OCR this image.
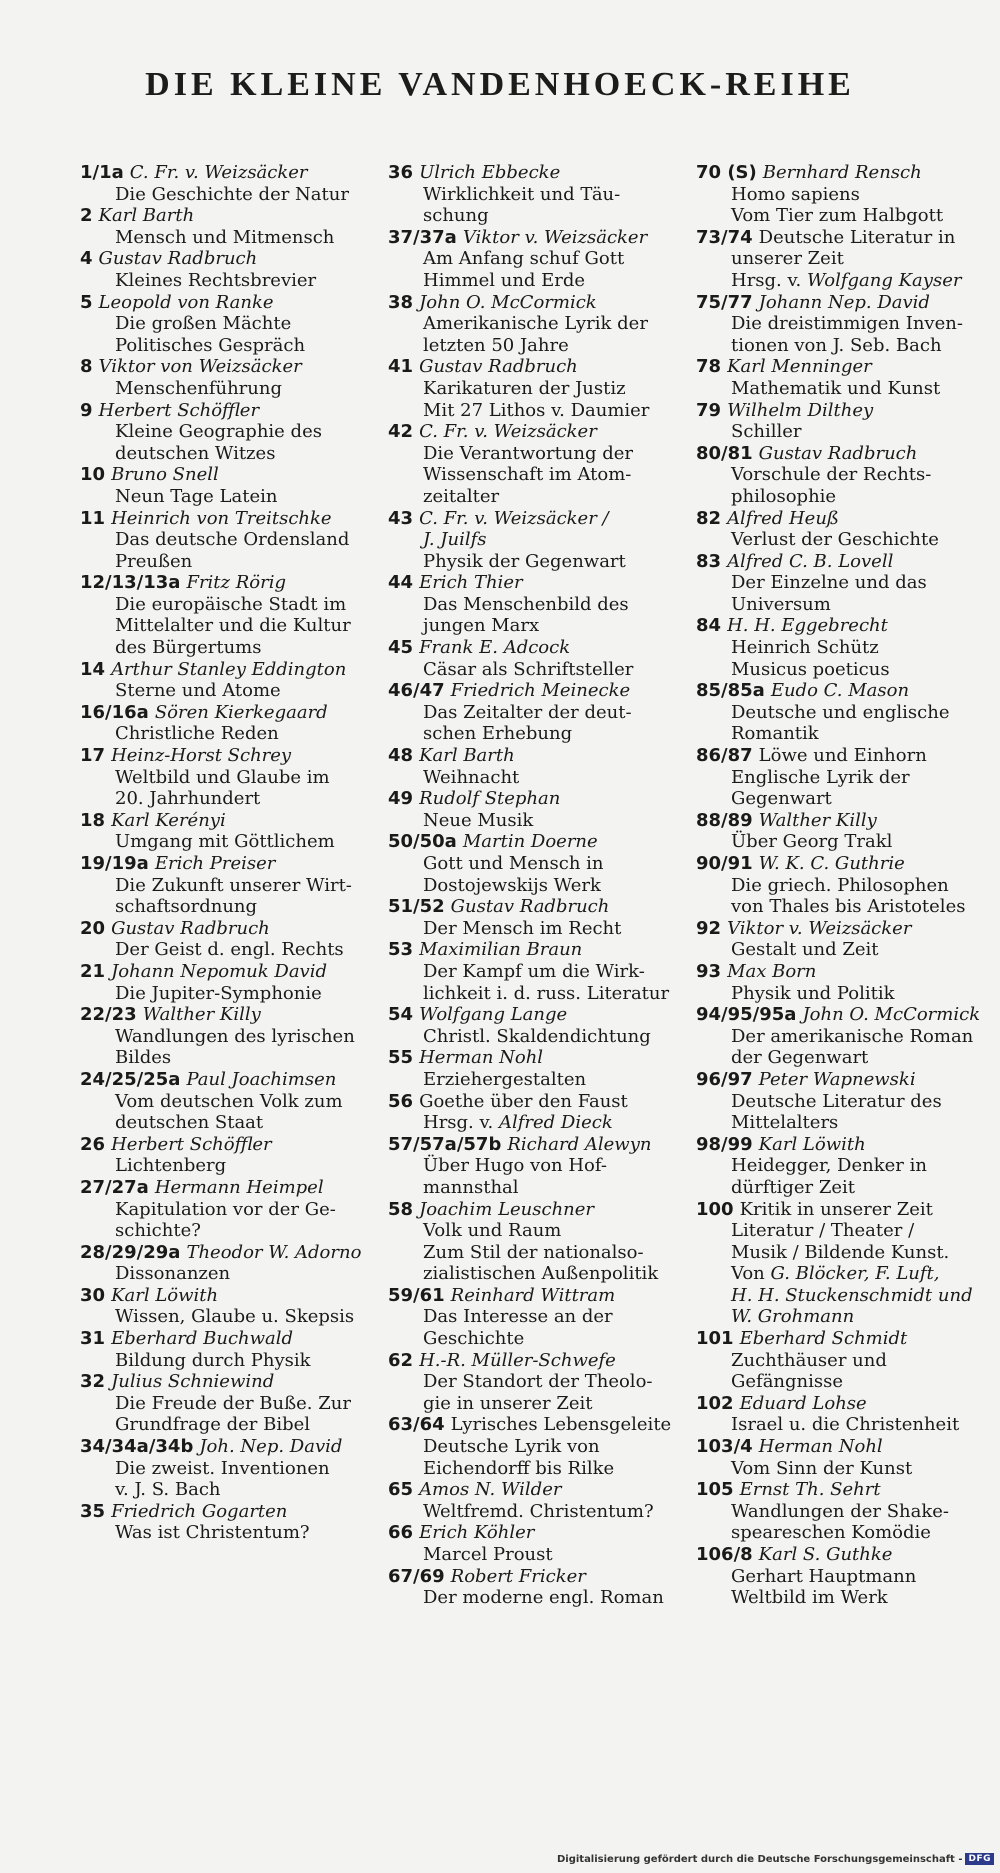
DIE KLEINE VANDENHOECK-REIHE
1/1a C. Fr. v. Weizsäcker
Die Geschichte der Natur
2 Karl Barth
Mensch und Mitmensch
4 Gustav Radbruch
Kleines Rechtsbrevier
5 Leopold von Ranke
Die großen Mächte
Politisches Gespräch
8 Viktor von Weizsäcker
Menschenführung
9 Herbert Schöffler
Kleine Geographie des
deutschen Witzes
10 Bruno Snell
Neun Tage Latein
11 Heinrich von Treitschke
Das deutsche Ordensland
Preußen
12/13/13a Fritz Rörig
Die europäische Stadt im
Mittelalter und die Kultur
des Bürgertums
14 Arthur Stanley Eddington
Sterne und Atome
16/16a Sören Kierkegaard
Christliche Reden
17 Heinz-Horst Schrey
Weltbild und Glaube im
20. Jahrhundert
18 Karl Kerényi
Umgang mit Göttlichem
19/19a Erich Preiser
Die Zukunft unserer Wirt-
schaftsordnung
20 Gustav Radbruch
Der Geist d. engl. Rechts
21 Johann Nepomuk David
Die Jupiter-Symphonie
22/23 Walther Killy
Wandlungen des lyrischen
Bildes
24/25/25a Paul Joachimsen
Vom deutschen Volk zum
deutschen Staat
26 Herbert Schöffler
Lichtenberg
27/27a Hermann Heimpel
Kapitulation vor der Ge-
schichte?
28/29/29a Theodor W. Adorno
Dissonanzen
30 Karl Löwith
Wissen, Glaube u. Skepsis
31 Eberhard Buchwald
Bildung durch Physik
32 Julius Schniewind
Die Freude der Buße. Zur
Grundfrage der Bibel
34/34a/34b Joh. Nep. David
Die zweist. Inventionen
v. J. S. Bach
35 Friedrich Gogarten
Was ist Christentum?
36 Ulrich Ebbecke
Wirklichkeit und Täu-
schung
37/37a Viktor v. Weizsäcker
Am Anfang schuf Gott
Himmel und Erde
38 John O. McCormick
Amerikanische Lyrik der
letzten 50 Jahre
41 Gustav Radbruch
Karikaturen der Justiz
Mit 27 Lithos v. Daumier
42 C. Fr. v. Weizsäcker
Die Verantwortung der
Wissenschaft im Atom-
zeitalter
43 C. Fr. v. Weizsäcker /
J. Juilfs
Physik der Gegenwart
44 Erich Thier
Das Menschenbild des
jungen Marx
45 Frank E. Adcock
Cäsar als Schriftsteller
46/47 Friedrich Meinecke
Das Zeitalter der deut-
schen Erhebung
48 Karl Barth
Weihnacht
49 Rudolf Stephan
Neue Musik
50/50a Martin Doerne
Gott und Mensch in
Dostojewskijs Werk
51/52 Gustav Radbruch
Der Mensch im Recht
53 Maximilian Braun
Der Kampf um die Wirk-
lichkeit i. d. russ. Literatur
54 Wolfgang Lange
Christl. Skaldendichtung
55 Herman Nohl
Erziehergestalten
56 Goethe über den Faust
Hrsg. v. Alfred Dieck
57/57a/57b Richard Alewyn
Über Hugo von Hof-
mannsthal
58 Joachim Leuschner
Volk und Raum
Zum Stil der nationalso-
zialistischen Außenpolitik
59/61 Reinhard Wittram
Das Interesse an der
Geschichte
62 H.-R. Müller-Schwefe
Der Standort der Theolo-
gie in unserer Zeit
63/64 Lyrisches Lebensgeleite
Deutsche Lyrik von
Eichendorff bis Rilke
65 Amos N. Wilder
Weltfremd. Christentum?
66 Erich Köhler
Marcel Proust
67/69 Robert Fricker
Der moderne engl. Roman
70 (S) Bernhard Rensch
Homo sapiens
Vom Tier zum Halbgott
73/74 Deutsche Literatur in
unserer Zeit
Hrsg. v. Wolfgang Kayser
75/77 Johann Nep. David
Die dreistimmigen Inven-
tionen von J. Seb. Bach
78 Karl Menninger
Mathematik und Kunst
79 Wilhelm Dilthey
Schiller
80/81 Gustav Radbruch
Vorschule der Rechts-
philosophie
82 Alfred Heuß
Verlust der Geschichte
83 Alfred C. B. Lovell
Der Einzelne und das
Universum
84 H. H. Eggebrecht
Heinrich Schütz
Musicus poeticus
85/85a Eudo C. Mason
Deutsche und englische
Romantik
86/87 Löwe und Einhorn
Englische Lyrik der
Gegenwart
88/89 Walther Killy
Über Georg Trakl
90/91 W. K. C. Guthrie
Die griech. Philosophen
von Thales bis Aristoteles
92 Viktor v. Weizsäcker
Gestalt und Zeit
93 Max Born
Physik und Politik
94/95/95a John O. McCormick
Der amerikanische Roman
der Gegenwart
96/97 Peter Wapnewski
Deutsche Literatur des
Mittelalters
98/99 Karl Löwith
Heidegger, Denker in
dürftiger Zeit
100 Kritik in unserer Zeit
Literatur / Theater /
Musik / Bildende Kunst.
Von G. Blöcker, F. Luft,
H. H. Stuckenschmidt und
W. Grohmann
101 Eberhard Schmidt
Zuchthäuser und
Gefängnisse
102 Eduard Lohse
Israel u. die Christenheit
103/4 Herman Nohl
Vom Sinn der Kunst
105 Ernst Th. Sehrt
Wandlungen der Shake-
speareschen Komödie
106/8 Karl S. Guthke
Gerhart Hauptmann
Weltbild im Werk
Digitalisierung gefördert durch die Deutsche Forschungsgemeinschaft - DFG
